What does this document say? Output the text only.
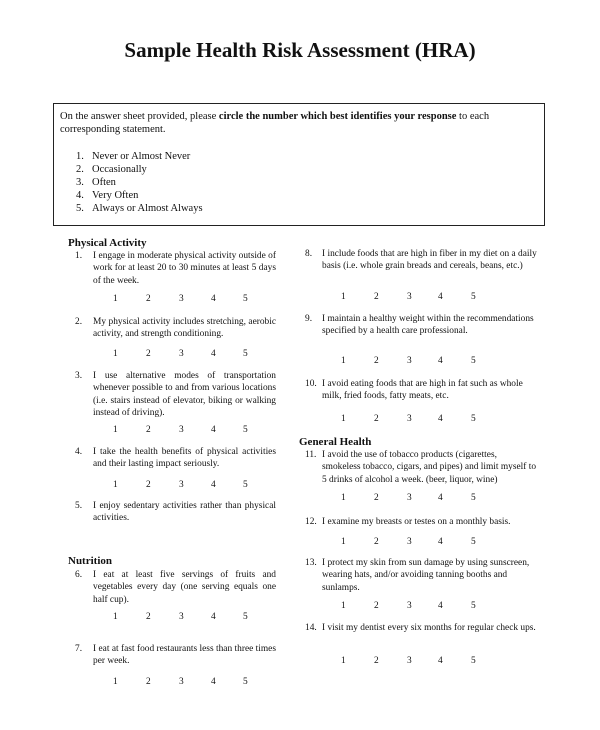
Sample Health Risk Assessment (HRA)
On the answer sheet provided, please circle the number which best identifies your response to each corresponding statement.
1. Never or Almost Never
2. Occasionally
3. Often
4. Very Often
5. Always or Almost Always
Physical Activity
Nutrition
General Health
1. I engage in moderate physical activity outside of work for at least 20 to 30 minutes at least 5 days of the week.
1	2	3	4	5
2. My physical activity includes stretching, aerobic activity, and strength conditioning.
1	2	3	4	5
3. I use alternative modes of transportation whenever possible to and from various locations (i.e. stairs instead of elevator, biking or walking instead of driving).
1	2	3	4	5
4. I take the health benefits of physical activities and their lasting impact seriously.
1	2	3	4	5
5. I enjoy sedentary activities rather than physical activities.
6. I eat at least five servings of fruits and vegetables every day (one serving equals one half cup).
1	2	3	4	5
7. I eat at fast food restaurants less than three times per week.
1	2	3	4	5
8. I include foods that are high in fiber in my diet on a daily basis (i.e. whole grain breads and cereals, beans, etc.)
1	2	3	4	5
9. I maintain a healthy weight within the recommendations specified by a health care professional.
1	2	3	4	5
10. I avoid eating foods that are high in fat such as whole milk, fried foods, fatty meats, etc.
1	2	3	4	5
11. I avoid the use of tobacco products (cigarettes, smokeless tobacco, cigars, and pipes) and limit myself to 5 drinks of alcohol a week. (beer, liquor, wine)
1	2	3	4	5
12. I examine my breasts or testes on a monthly basis.
1	2	3	4	5
13. I protect my skin from sun damage by using sunscreen, wearing hats, and/or avoiding tanning booths and sunlamps.
1	2	3	4	5
14. I visit my dentist every six months for regular check ups.
1	2	3	4	5
